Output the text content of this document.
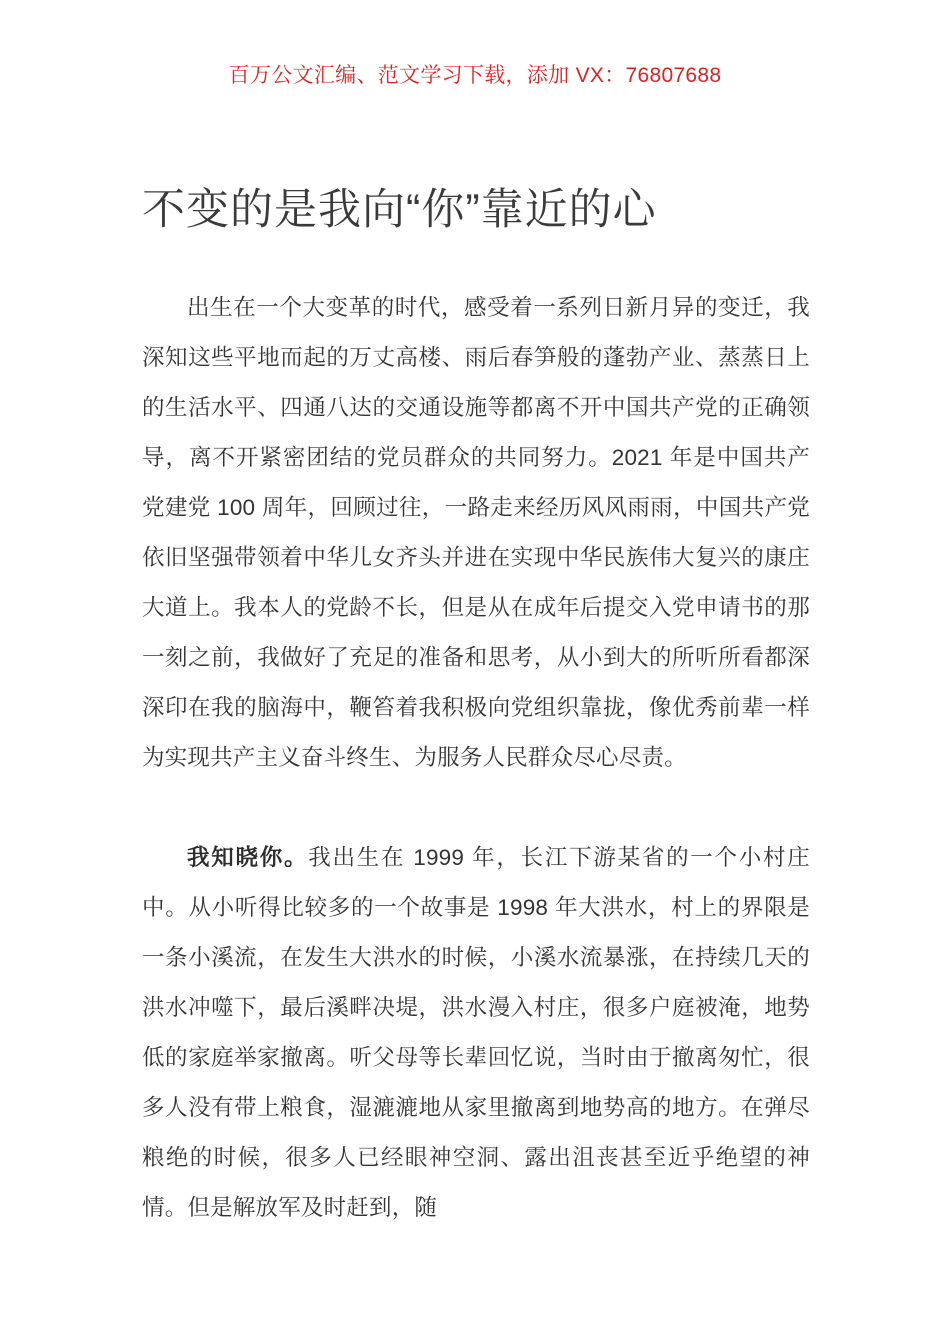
百万公文汇编、范文学习下载，添加 VX：76807688
不变的是我向“你”靠近的心

出生在一个大变革的时代，感受着一系列日新月异的变迁，我深知这些平地而起的万丈高楼、雨后春笋般的蓬勃产业、蒸蒸日上的生活水平、四通八达的交通设施等都离不开中国共产党的正确领导，离不开紧密团结的党员群众的共同努力。2021 年是中国共产党建党 100 周年，回顾过往，一路走来经历风风雨雨，中国共产党依旧坚强带领着中华儿女齐头并进在实现中华民族伟大复兴的康庄大道上。我本人的党龄不长，但是从在成年后提交入党申请书的那一刻之前，我做好了充足的准备和思考，从小到大的所听所看都深深印在我的脑海中，鞭笞着我积极向党组织靠拢，像优秀前辈一样为实现共产主义奋斗终生、为服务人民群众尽心尽责。

我知晓你。我出生在 1999 年，长江下游某省的一个小村庄中。从小听得比较多的一个故事是 1998 年大洪水，村上的界限是一条小溪流，在发生大洪水的时候，小溪水流暴涨，在持续几天的洪水冲噬下，最后溪畔决堤，洪水漫入村庄，很多户庭被淹，地势低的家庭举家撤离。听父母等长辈回忆说，当时由于撤离匆忙，很多人没有带上粮食，湿漉漉地从家里撤离到地势高的地方。在弹尽粮绝的时候，很多人已经眼神空洞、露出沮丧甚至近乎绝望的神情。但是解放军及时赶到，随
